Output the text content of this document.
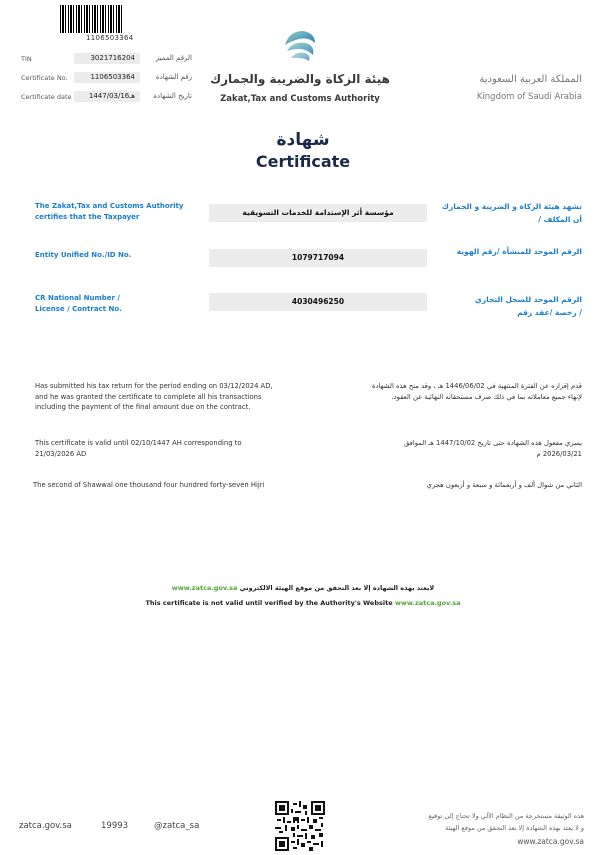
1106503364
TIN	3021716204	الرقم المميز
Certificate No.	1106503364	رقم الشهادة
Certificate date	1447/03/16هـ	تاريخ الشهادة
هيئة الزكاة والضريبة والجمارك
Zakat,Tax and Customs Authority
المملكة العربية السعودية
Kingdom of Saudi Arabia
شهادة
Certificate
The Zakat,Tax and Customs Authority certifies that the Taxpayer	مؤسسة أثر الإستدامة للخدمات التسويقية
تشهد هيئة الزكاة و الضريبة و الجمارك أن المكلف /
Entity Unified No./ID No.	1079717094
الرقم الموحد للمنشأة /رقم الهوية
CR National Number / License / Contract No.
4030496250	الرقم الموحد للسجل التجاري / رخصة /عقد رقم
Has submitted his tax return for the period ending on 03/12/2024 AD, and he was granted the certificate to complete all his transactions including the payment of the final amount due on the contract.
قدم إقراره عن الفترة المنتهية في 1446/06/02 هـ ، وقد منح هذه الشهادة لإنهاء جميع معاملاته بما في ذلك صرف مستحقاته النهائية عن العقود.
This certificate is valid until 02/10/1447 AH corresponding to 21/03/2026 AD
يسري مفعول هذه الشهادة حتى تاريخ 1447/10/02 هـ الموافق 2026/03/21 م
The second of Shawwal one thousand four hundred forty-seven Hijri	الثاني من شوال ألف و أربعمائة و سبعة و أربعون هجري
www.zatca.gov.sa لايعتد بهذه الشهادة إلا بعد التحقق من موقع الهيئة الالكتروني
This certificate is not valid until verified by the Authority's Website www.zatca.gov.sa
zatca.gov.sa	19993	@zatca_sa
هذه الوثيقة مستخرجة من النظام الآلي ولا تحتاج إلى توقيع
و لا يعتد بهذه الشهادة إلا بعد التحقق من موقع الهيئة
www.zatca.gov.sa
